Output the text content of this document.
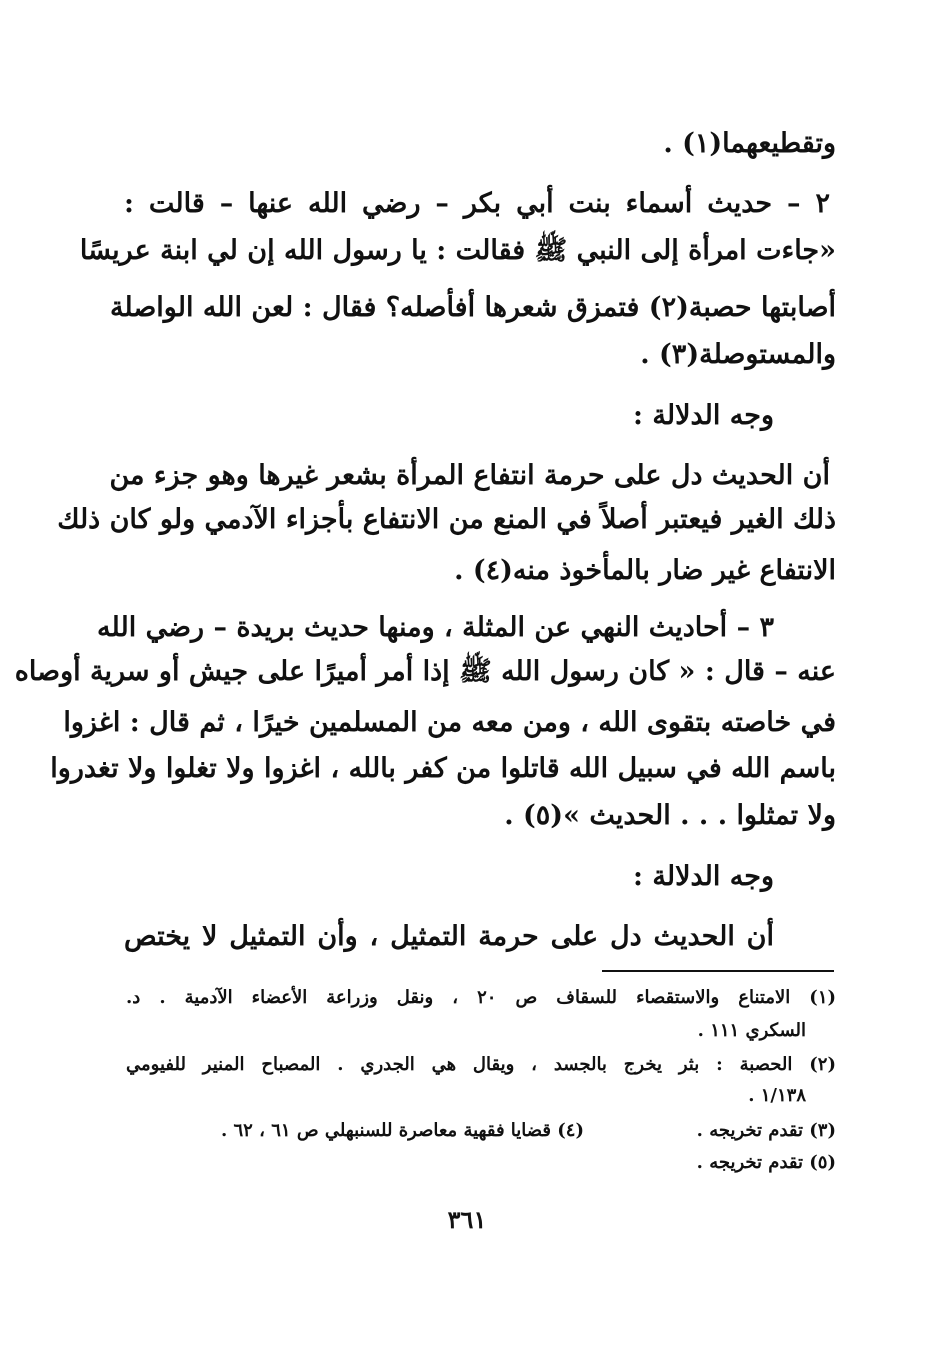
وتقطيعهما(١) .
٢ – حديث أسماء بنت أبي بكر – رضي الله عنها – قالت :
«جاءت امرأة إلى النبي ﷺ فقالت : يا رسول الله إن لي ابنة عريسًا
أصابتها حصبة(٢) فتمزق شعرها أفأصله؟ فقال : لعن الله الواصلة
والمستوصلة(٣) .
وجه الدلالة :
أن الحديث دل على حرمة انتفاع المرأة بشعر غيرها وهو جزء من
ذلك الغير فيعتبر أصلاً في المنع من الانتفاع بأجزاء الآدمي ولو كان ذلك
الانتفاع غير ضار بالمأخوذ منه(٤) .
٣ – أحاديث النهي عن المثلة ، ومنها حديث بريدة – رضي الله
عنه – قال : « كان رسول الله ﷺ إذا أمر أميرًا على جيش أو سرية أوصاه
في خاصته بتقوى الله ، ومن معه من المسلمين خيرًا ، ثم قال : اغزوا
باسم الله في سبيل الله قاتلوا من كفر بالله ، اغزوا ولا تغلوا ولا تغدروا
ولا تمثلوا . . . الحديث »(٥) .
وجه الدلالة :
أن الحديث دل على حرمة التمثيل ، وأن التمثيل لا يختص
(١) الامتناع والاستقصاء للسقاف ص ٢٠ ، ونقل وزراعة الأعضاء الآدمية . د.
السكري ١١١ .
(٢) الحصبة : بثر يخرج بالجسد ، ويقال هي الجدري . المصباح المنير للفيومي
١/١٣٨ .
(٣) تقدم تخريجه .
(٤) قضايا فقهية معاصرة للسنبهلي ص ٦١ ، ٦٢ .
(٥) تقدم تخريجه .
٣٦١
